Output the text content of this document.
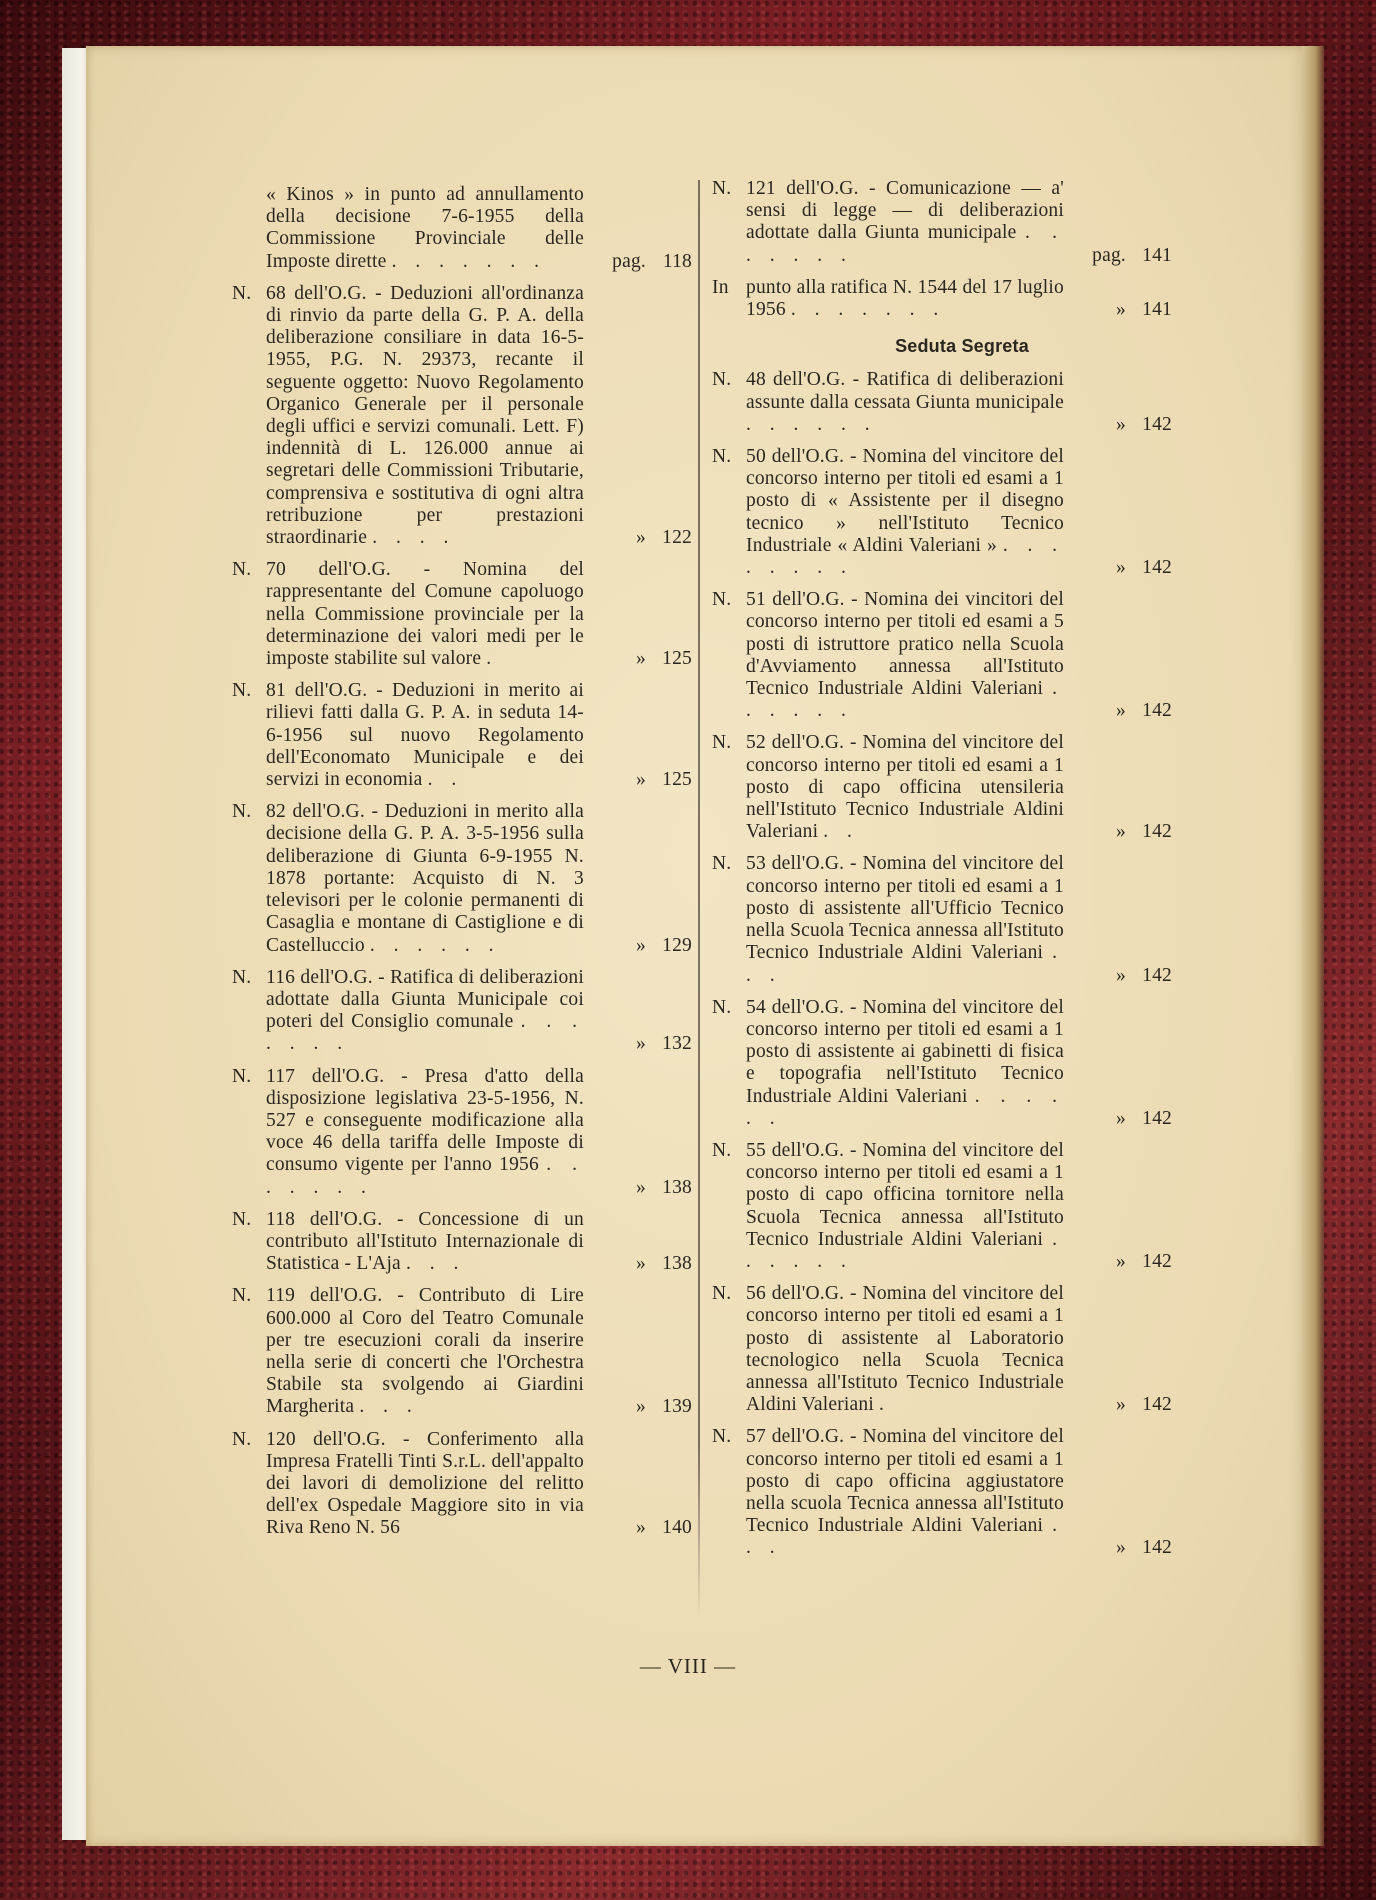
« Kinos » in punto ad annullamento della decisione 7-6-1955 della Commissione Provinciale delle Imposte dirette . . . . . . .	pag. 118
N. 68 dell'O.G. - Deduzioni all'ordinanza di rinvio da parte della G. P. A. della deliberazione consiliare in data 16-5-1955, P.G. N. 29373, recante il seguente oggetto: Nuovo Regolamento Organico Generale per il personale degli uffici e servizi comunali. Lett. F) indennità di L. 126.000 annue ai segretari delle Commissioni Tributarie, comprensiva e sostitutiva di ogni altra retribuzione per prestazioni straordinarie . . . .	» 122
N. 70 dell'O.G. - Nomina del rappresentante del Comune capoluogo nella Commissione provinciale per la determinazione dei valori medi per le imposte stabilite sul valore .	» 125
N. 81 dell'O.G. - Deduzioni in merito ai rilievi fatti dalla G. P. A. in seduta 14-6-1956 sul nuovo Regolamento dell'Economato Municipale e dei servizi in economia . .	» 125
N. 82 dell'O.G. - Deduzioni in merito alla decisione della G. P. A. 3-5-1956 sulla deliberazione di Giunta 6-9-1955 N. 1878 portante: Acquisto di N. 3 televisori per le colonie permanenti di Casaglia e montane di Castiglione e di Castelluccio . . . . . .	» 129
N. 116 dell'O.G. - Ratifica di deliberazioni adottate dalla Giunta Municipale coi poteri del Consiglio comunale . . . . . . .	» 132
N. 117 dell'O.G. - Presa d'atto della disposizione legislativa 23-5-1956, N. 527 e conseguente modificazione alla voce 46 della tariffa delle Imposte di consumo vigente per l'anno 1956 . . . . . . .	» 138
N. 118 dell'O.G. - Concessione di un contributo all'Istituto Internazionale di Statistica - L'Aja . . .	» 138
N. 119 dell'O.G. - Contributo di Lire 600.000 al Coro del Teatro Comunale per tre esecuzioni corali da inserire nella serie di concerti che l'Orchestra Stabile sta svolgendo ai Giardini Margherita . . .	» 139
N. 120 dell'O.G. - Conferimento alla Impresa Fratelli Tinti S.r.L. dell'appalto dei lavori di demolizione del relitto dell'ex Ospedale Maggiore sito in via Riva Reno N. 56	» 140
N. 121 dell'O.G. - Comunicazione — a' sensi di legge — di deliberazioni adottate dalla Giunta municipale . . . . . . .	pag. 141
In punto alla ratifica N. 1544 del 17 luglio 1956 . . . . . . .	» 141
Seduta Segreta
N. 48 dell'O.G. - Ratifica di deliberazioni assunte dalla cessata Giunta municipale . . . . . .	» 142
N. 50 dell'O.G. - Nomina del vincitore del concorso interno per titoli ed esami a 1 posto di « Assistente per il disegno tecnico » nell'Istituto Tecnico Industriale « Aldini Valeriani » . . . . . . . .	» 142
N. 51 dell'O.G. - Nomina dei vincitori del concorso interno per titoli ed esami a 5 posti di istruttore pratico nella Scuola d'Avviamento annessa all'Istituto Tecnico Industriale Aldini Valeriani . . . . . .	» 142
N. 52 dell'O.G. - Nomina del vincitore del concorso interno per titoli ed esami a 1 posto di capo officina utensileria nell'Istituto Tecnico Industriale Aldini Valeriani . .	» 142
N. 53 dell'O.G. - Nomina del vincitore del concorso interno per titoli ed esami a 1 posto di assistente all'Ufficio Tecnico nella Scuola Tecnica annessa all'Istituto Tecnico Industriale Aldini Valeriani . . .	» 142
N. 54 dell'O.G. - Nomina del vincitore del concorso interno per titoli ed esami a 1 posto di assistente ai gabinetti di fisica e topografia nell'Istituto Tecnico Industriale Aldini Valeriani . . . . . .	» 142
N. 55 dell'O.G. - Nomina del vincitore del concorso interno per titoli ed esami a 1 posto di capo officina tornitore nella Scuola Tecnica annessa all'Istituto Tecnico Industriale Aldini Valeriani . . . . . .	» 142
N. 56 dell'O.G. - Nomina del vincitore del concorso interno per titoli ed esami a 1 posto di assistente al Laboratorio tecnologico nella Scuola Tecnica annessa all'Istituto Tecnico Industriale Aldini Valeriani .	» 142
N. 57 dell'O.G. - Nomina del vincitore del concorso interno per titoli ed esami a 1 posto di capo officina aggiustatore nella scuola Tecnica annessa all'Istituto Tecnico Industriale Aldini Valeriani . . .	» 142
— VIII —
